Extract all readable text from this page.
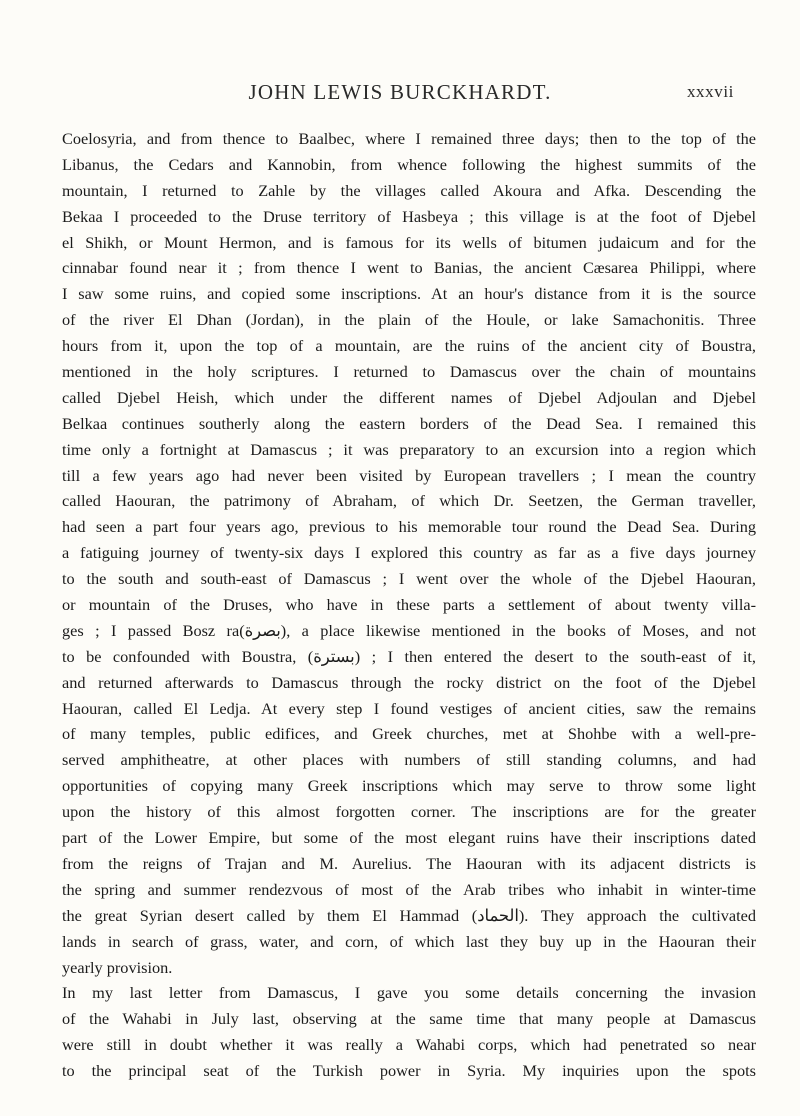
JOHN LEWIS BURCKHARDT.	xxxvii
Coelosyria, and from thence to Baalbec, where I remained three days; then to the top of the
Libanus, the Cedars and Kannobin, from whence following the highest summits of the
mountain, I returned to Zahle by the villages called Akoura and Afka. Descending the
Bekaa I proceeded to the Druse territory of Hasbeya ; this village is at the foot of Djebel
el Shikh, or Mount Hermon, and is famous for its wells of bitumen judaicum and for the
cinnabar found near it ; from thence I went to Banias, the ancient Cæsarea Philippi, where
I saw some ruins, and copied some inscriptions. At an hour's distance from it is the source
of the river El Dhan (Jordan), in the plain of the Houle, or lake Samachonitis. Three
hours from it, upon the top of a mountain, are the ruins of the ancient city of Boustra,
mentioned in the holy scriptures. I returned to Damascus over the chain of mountains
called Djebel Heish, which under the different names of Djebel Adjoulan and Djebel
Belkaa continues southerly along the eastern borders of the Dead Sea. I remained this
time only a fortnight at Damascus ; it was preparatory to an excursion into a region which
till a few years ago had never been visited by European travellers ; I mean the country
called Haouran, the patrimony of Abraham, of which Dr. Seetzen, the German traveller,
had seen a part four years ago, previous to his memorable tour round the Dead Sea. During
a fatiguing journey of twenty-six days I explored this country as far as a five days journey
to the south and south-east of Damascus ; I went over the whole of the Djebel Haouran,
or mountain of the Druses, who have in these parts a settlement of about twenty villa-
ges ; I passed Bosz ra(بصرة), a place likewise mentioned in the books of Moses, and not
to be confounded with Boustra, (بسترة) ; I then entered the desert to the south-east of it,
and returned afterwards to Damascus through the rocky district on the foot of the Djebel
Haouran, called El Ledja. At every step I found vestiges of ancient cities, saw the remains
of many temples, public edifices, and Greek churches, met at Shohbe with a well-pre-
served amphitheatre, at other places with numbers of still standing columns, and had
opportunities of copying many Greek inscriptions which may serve to throw some light
upon the history of this almost forgotten corner. The inscriptions are for the greater
part of the Lower Empire, but some of the most elegant ruins have their inscriptions dated
from the reigns of Trajan and M. Aurelius. The Haouran with its adjacent districts is
the spring and summer rendezvous of most of the Arab tribes who inhabit in winter-time
the great Syrian desert called by them El Hammad (الحماد). They approach the cultivated
lands in search of grass, water, and corn, of which last they buy up in the Haouran their
yearly provision.
In my last letter from Damascus, I gave you some details concerning the invasion
of the Wahabi in July last, observing at the same time that many people at Damascus
were still in doubt whether it was really a Wahabi corps, which had penetrated so near
to the principal seat of the Turkish power in Syria. My inquiries upon the spots
